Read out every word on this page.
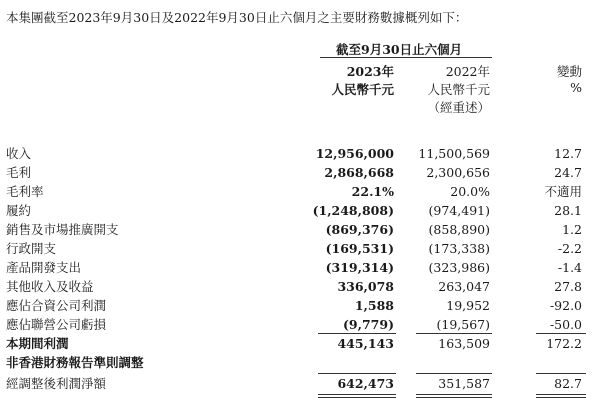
本集團截至2023年9月30日及2022年9月30日止六個月之主要財務數據概列如下：
截至9月30日止六個月
2023年	2022年	變動
人民幣千元	人民幣千元	%
（經重述）
收入	12,956,000 11,500,569	12.7
毛利	2,868,668	2,300,656	24.7
毛利率	22.1%	20.0%	不適用
履約	(1,248,808)	(974,491)	28.1
銷售及市場推廣開支	(869,376)	(858,890)	1.2
行政開支	(169,531)	(173,338)	-2.2
產品開發支出	(319,314)	(323,986)	-1.4
其他收入及收益	336,078	263,047	27.8
應佔合資公司利潤	1,588	19,952	-92.0
應佔聯營公司虧損	(9,779)	(19,567)	-50.0
本期間利潤	445,143	163,509	172.2
非香港財務報告準則調整
經調整後利潤淨額	642,473	351,587	82.7
